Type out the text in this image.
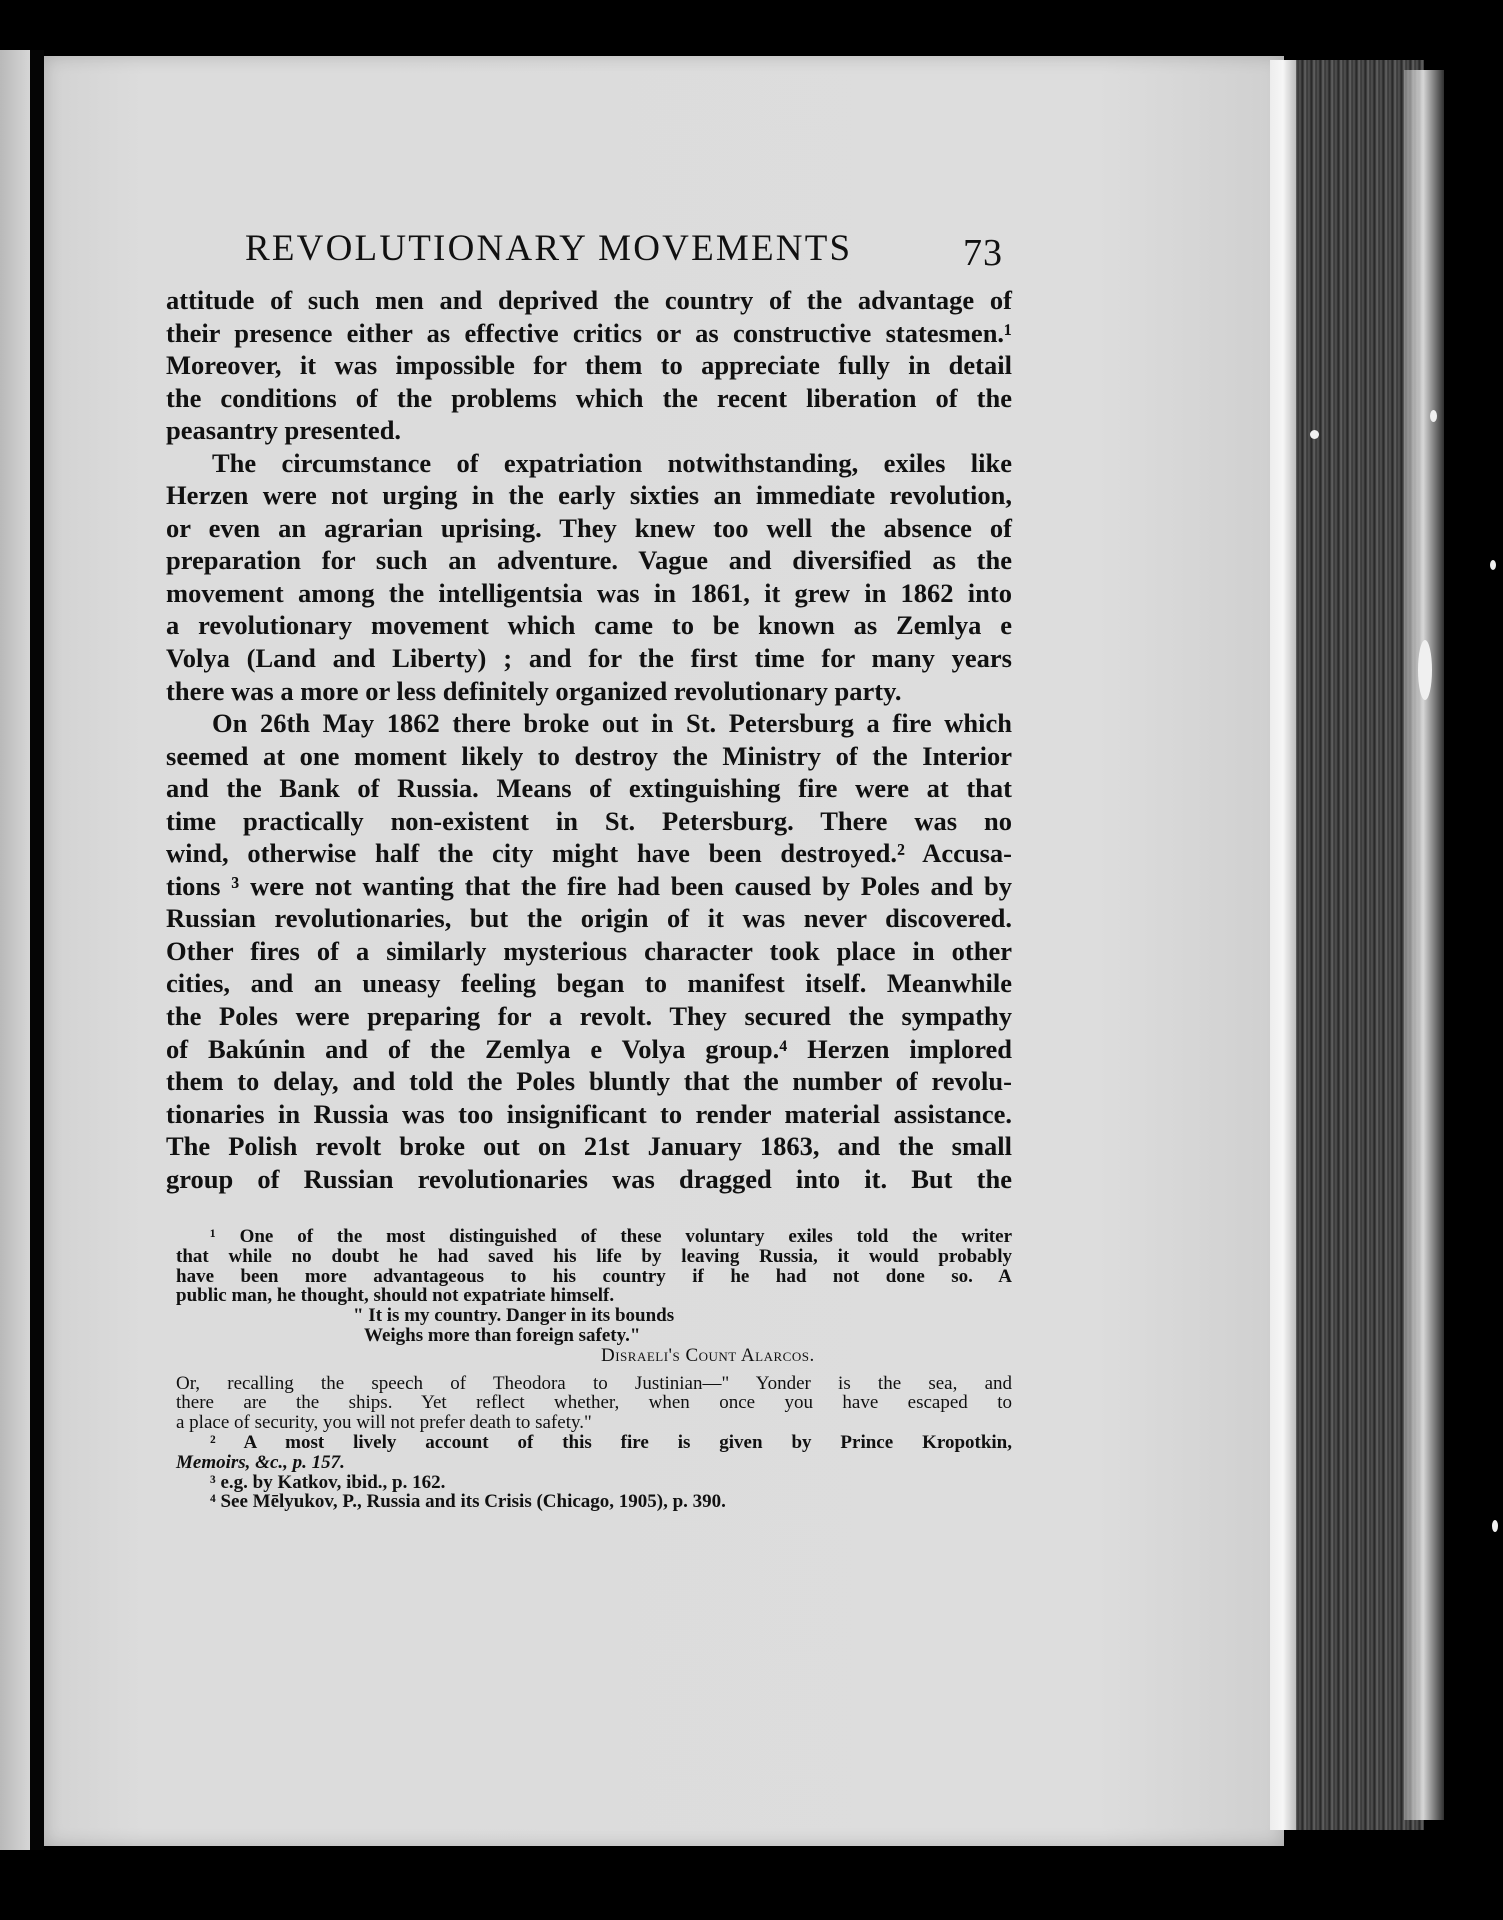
REVOLUTIONARY MOVEMENTS	73
attitude of such men and deprived the country of the advantage of
their presence either as effective critics or as constructive statesmen.¹
Moreover, it was impossible for them to appreciate fully in detail
the conditions of the problems which the recent liberation of the
peasantry presented.
The circumstance of expatriation notwithstanding, exiles like
Herzen were not urging in the early sixties an immediate revolution,
or even an agrarian uprising. They knew too well the absence of
preparation for such an adventure. Vague and diversified as the
movement among the intelligentsia was in 1861, it grew in 1862 into
a revolutionary movement which came to be known as Zemlya e
Volya (Land and Liberty) ; and for the first time for many years
there was a more or less definitely organized revolutionary party.
On 26th May 1862 there broke out in St. Petersburg a fire which
seemed at one moment likely to destroy the Ministry of the Interior
and the Bank of Russia. Means of extinguishing fire were at that
time practically non-existent in St. Petersburg. There was no
wind, otherwise half the city might have been destroyed.² Accusa-
tions ³ were not wanting that the fire had been caused by Poles and by
Russian revolutionaries, but the origin of it was never discovered.
Other fires of a similarly mysterious character took place in other
cities, and an uneasy feeling began to manifest itself. Meanwhile
the Poles were preparing for a revolt. They secured the sympathy
of Bakúnin and of the Zemlya e Volya group.⁴ Herzen implored
them to delay, and told the Poles bluntly that the number of revolu-
tionaries in Russia was too insignificant to render material assistance.
The Polish revolt broke out on 21st January 1863, and the small
group of Russian revolutionaries was dragged into it. But the
¹ One of the most distinguished of these voluntary exiles told the writer
that while no doubt he had saved his life by leaving Russia, it would probably
have been more advantageous to his country if he had not done so. A
public man, he thought, should not expatriate himself.
" It is my country. Danger in its bounds
Weighs more than foreign safety."
Disraeli's Count Alarcos.
Or, recalling the speech of Theodora to Justinian—" Yonder is the sea, and
there are the ships. Yet reflect whether, when once you have escaped to
a place of security, you will not prefer death to safety."
² A most lively account of this fire is given by Prince Kropotkin,
Memoirs, &c., p. 157.
³ e.g. by Katkov, ibid., p. 162.
⁴ See Mēlyukov, P., Russia and its Crisis (Chicago, 1905), p. 390.
